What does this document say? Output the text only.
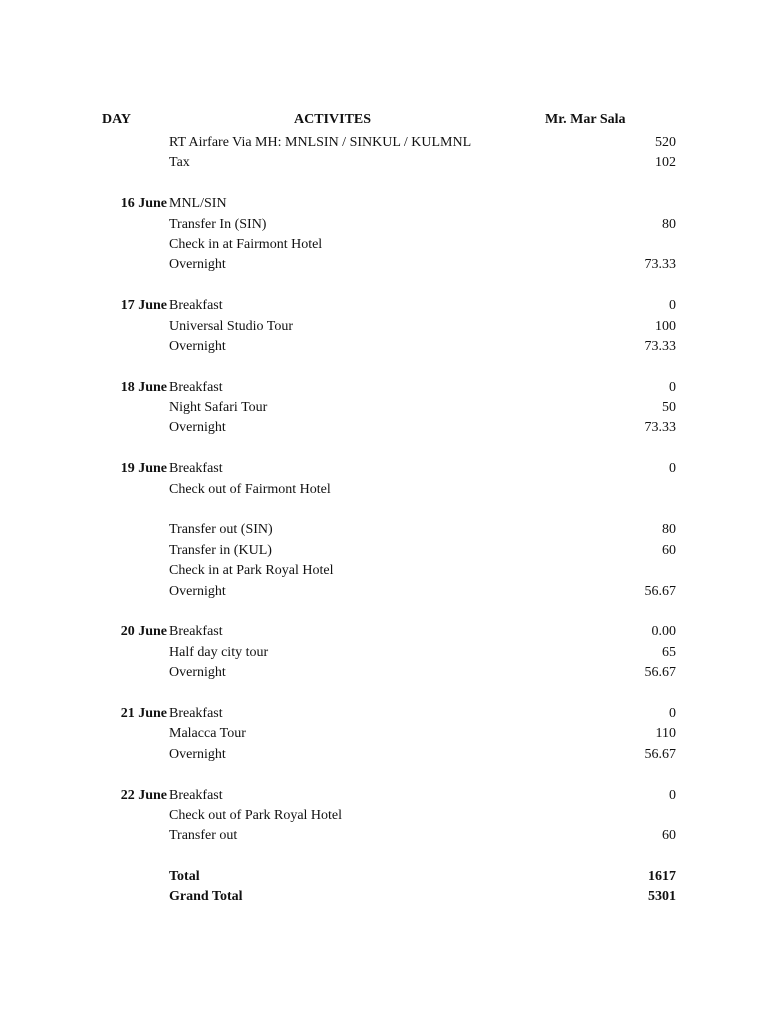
DAY	ACTIVITES	Mr. Mar Sala
RT Airfare Via MH: MNLSIN / SINKUL / KULMNL	520
Tax	102
16 June MNL/SIN
Transfer In (SIN)	80
Check in at Fairmont Hotel
Overnight	73.33
17 June Breakfast	0
Universal Studio Tour	100
Overnight	73.33
18 June Breakfast	0
Night Safari Tour	50
Overnight	73.33
19 June Breakfast	0
Check out of Fairmont Hotel
Transfer out (SIN)	80
Transfer in (KUL)	60
Check in at Park Royal Hotel
Overnight	56.67
20 June Breakfast	0.00
Half day city tour	65
Overnight	56.67
21 June Breakfast	0
Malacca Tour	110
Overnight	56.67
22 June Breakfast	0
Check out of Park Royal Hotel
Transfer out	60
Total	1617
Grand Total	5301
